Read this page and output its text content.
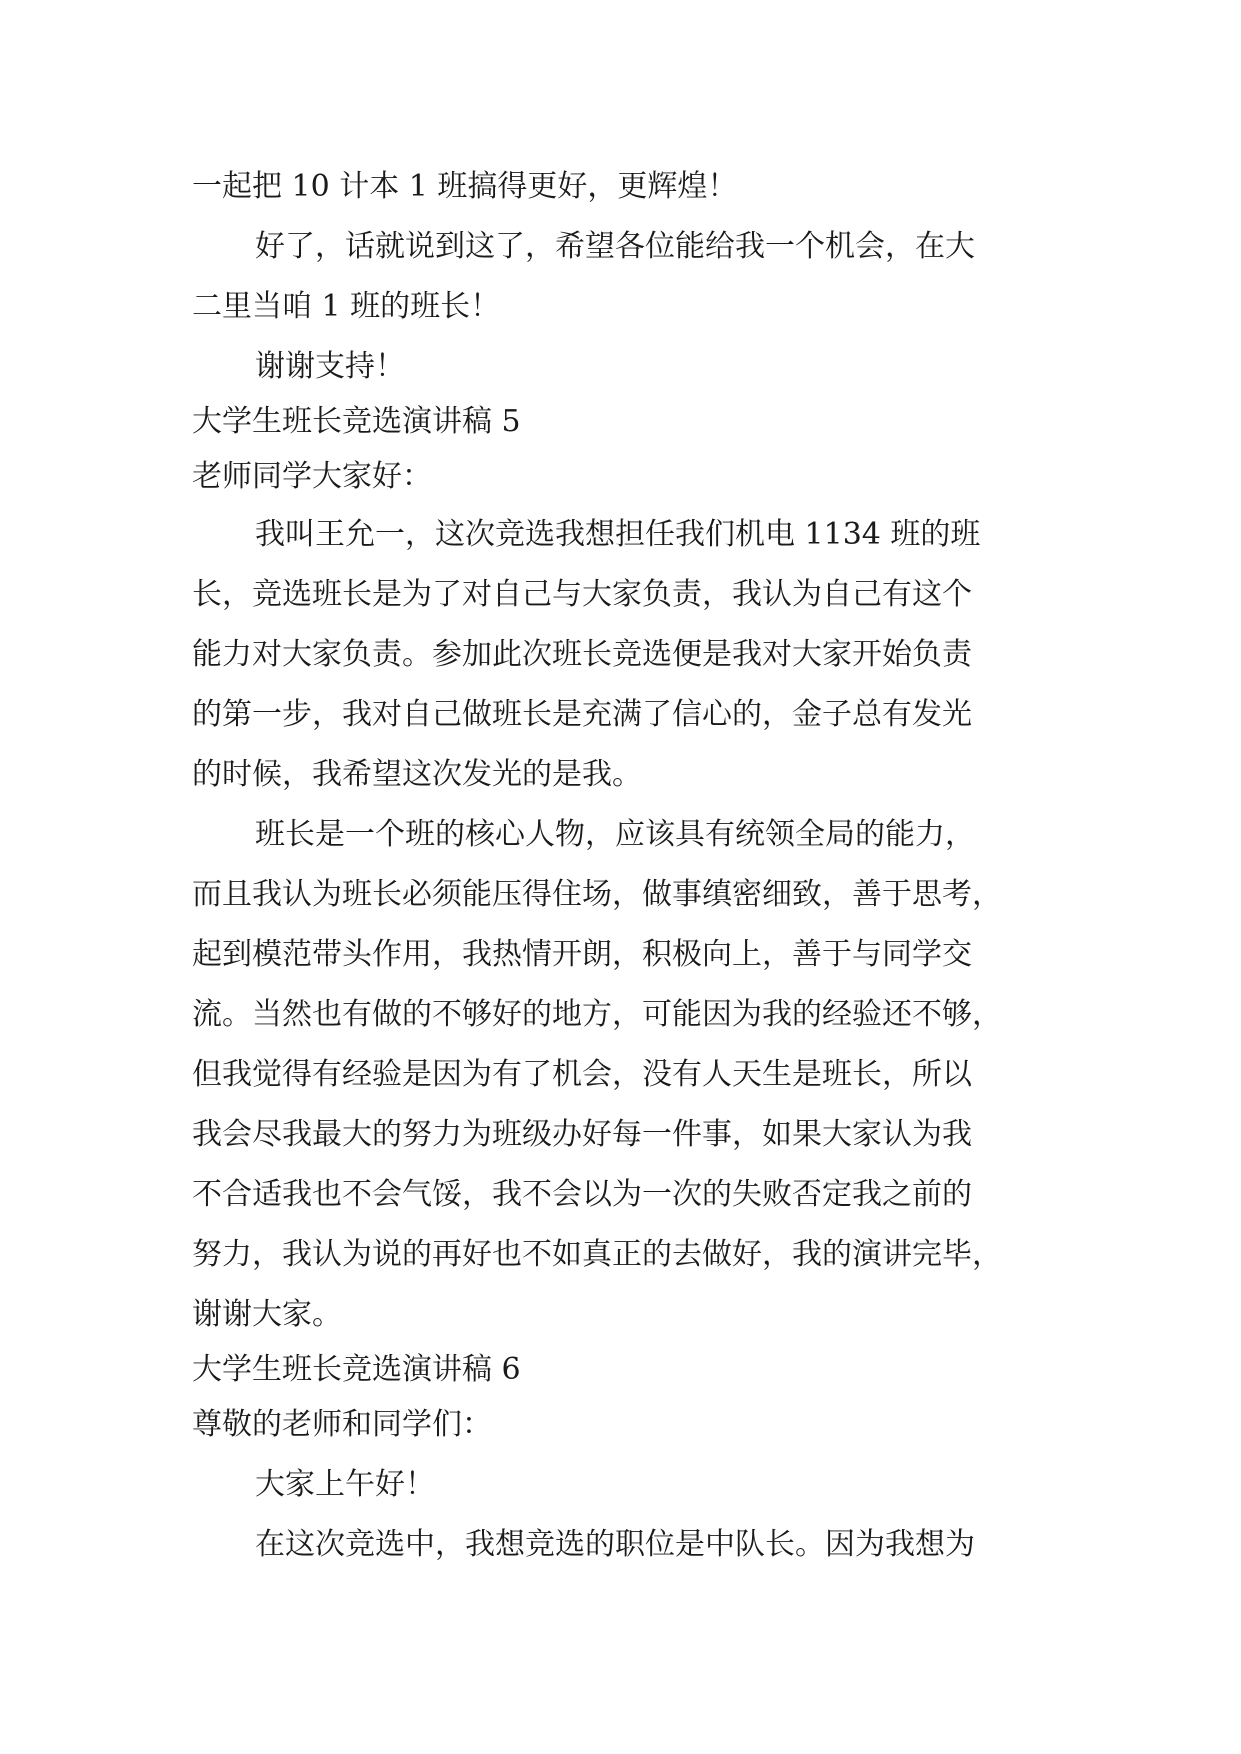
一起把 10 计本 1 班搞得更好，更辉煌！

好了，话就说到这了，希望各位能给我一个机会，在大

二里当咱 1 班的班长！

谢谢支持！

大学生班长竞选演讲稿 5

老师同学大家好：

我叫王允一，这次竞选我想担任我们机电 1134 班的班

长，竞选班长是为了对自己与大家负责，我认为自己有这个

能力对大家负责。参加此次班长竞选便是我对大家开始负责

的第一步，我对自己做班长是充满了信心的，金子总有发光

的时候，我希望这次发光的是我。

班长是一个班的核心人物，应该具有统领全局的能力，

而且我认为班长必须能压得住场，做事缜密细致，善于思考，

起到模范带头作用，我热情开朗，积极向上，善于与同学交

流。当然也有做的不够好的地方，可能因为我的经验还不够，

但我觉得有经验是因为有了机会，没有人天生是班长，所以

我会尽我最大的努力为班级办好每一件事，如果大家认为我

不合适我也不会气馁，我不会以为一次的失败否定我之前的

努力，我认为说的再好也不如真正的去做好，我的演讲完毕，

谢谢大家。

大学生班长竞选演讲稿 6

尊敬的老师和同学们：

大家上午好！

在这次竞选中，我想竞选的职位是中队长。因为我想为
